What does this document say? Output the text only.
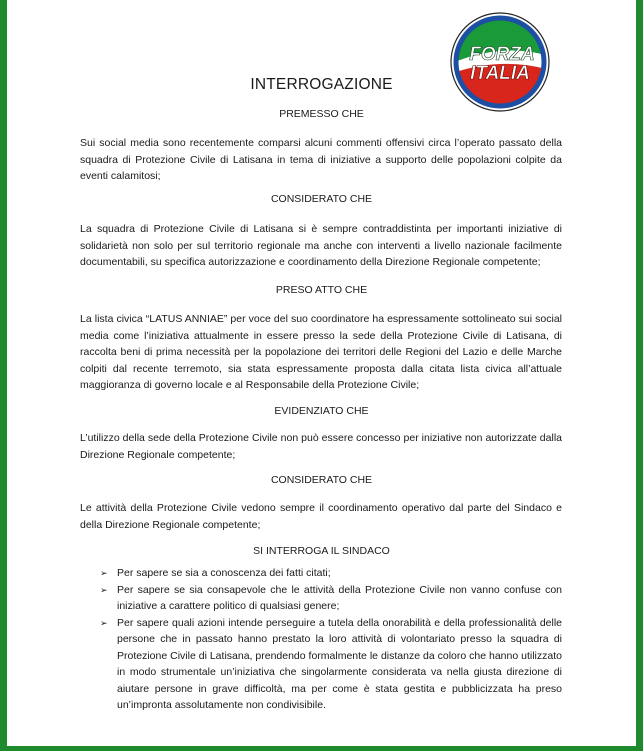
FORZA
ITALIA
INTERROGAZIONE
PREMESSO CHE
Sui social media sono recentemente comparsi alcuni commenti offensivi circa l’operato passato della squadra di Protezione Civile di Latisana in tema di iniziative a supporto delle popolazioni colpite da eventi calamitosi;
CONSIDERATO CHE
La squadra di Protezione Civile di Latisana si è sempre contraddistinta per importanti iniziative di solidarietà non solo per sul territorio regionale ma anche con interventi a livello nazionale facilmente documentabili, su specifica autorizzazione e coordinamento della Direzione Regionale competente;
PRESO ATTO CHE
La lista civica “LATUS ANNIAE” per voce del suo coordinatore ha espressamente sottolineato sui social media come l’iniziativa attualmente in essere presso la sede della Protezione Civile di Latisana, di raccolta beni di prima necessità per la popolazione dei territori delle Regioni del Lazio e delle Marche colpiti dal recente terremoto, sia stata espressamente proposta dalla citata lista civica all’attuale maggioranza di governo locale e al Responsabile della Protezione Civile;
EVIDENZIATO CHE
L’utilizzo della sede della Protezione Civile non può essere concesso per iniziative non autorizzate dalla Direzione Regionale competente;
CONSIDERATO CHE
Le attività della Protezione Civile vedono sempre il coordinamento operativo dal parte del Sindaco e della Direzione Regionale competente;
SI INTERROGA IL SINDACO
➢ Per sapere se sia a conoscenza dei fatti citati;
➢ Per sapere se sia consapevole che le attività della Protezione Civile non vanno confuse con iniziative a carattere politico di qualsiasi genere;
➢ Per sapere quali azioni intende perseguire a tutela della onorabilità e della professionalità delle persone che in passato hanno prestato la loro attività di volontariato presso la squadra di Protezione Civile di Latisana, prendendo formalmente le distanze da coloro che hanno utilizzato in modo strumentale un’iniziativa che singolarmente considerata va nella giusta direzione di aiutare persone in grave difficoltà, ma per come è stata gestita e pubblicizzata ha preso un’impronta assolutamente non condivisibile.
